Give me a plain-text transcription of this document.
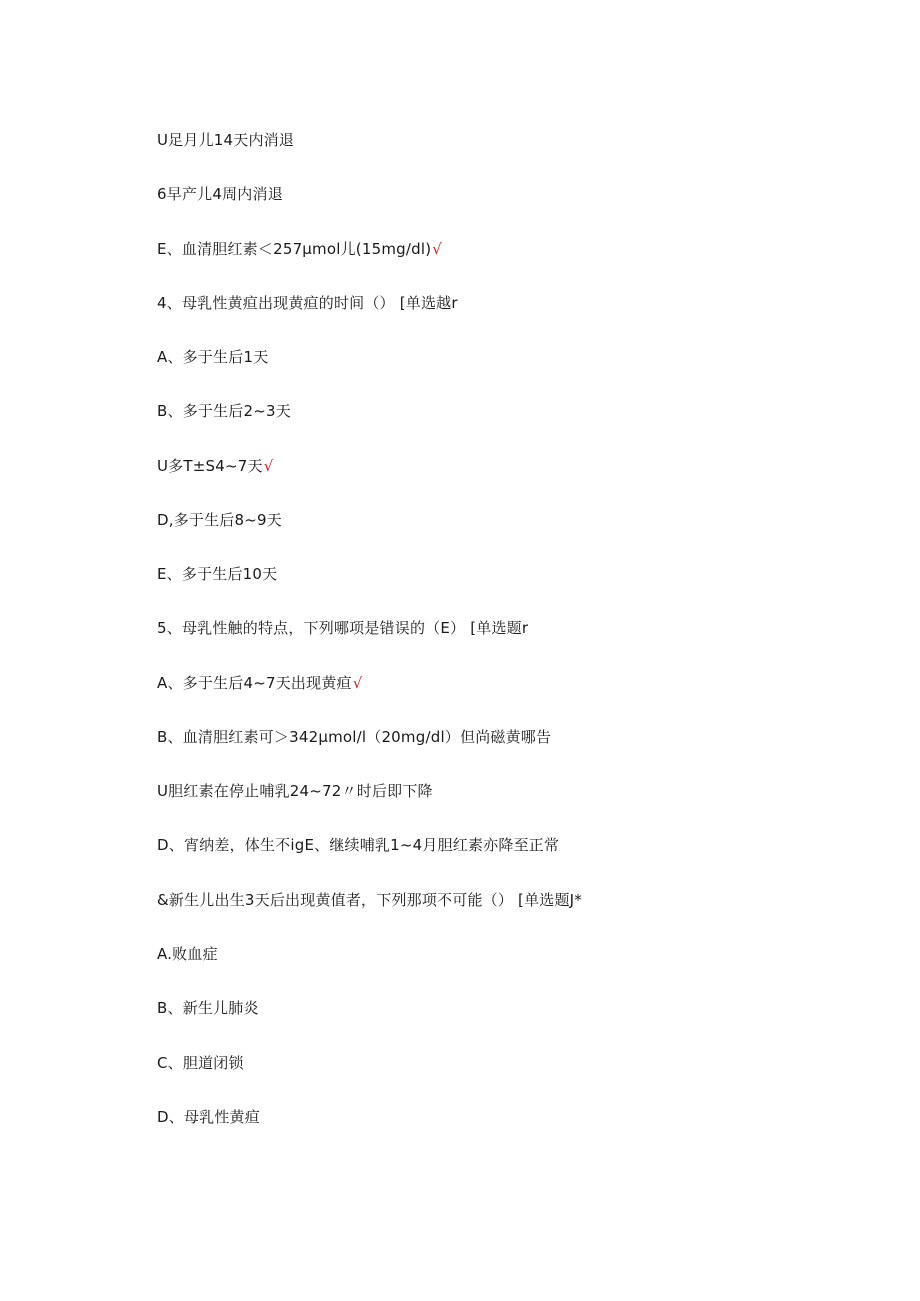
U足月儿14天内消退
6早产儿4周内消退
E、血清胆红素＜257μmol儿(15mg∕dl)√
4、母乳性黄疸出现黄疸的时间（） [单选越r
A、多于生后1天
B、多于生后2~3天
U多T±S4~7天√
D,多于生后8~9天
E、多于生后10天
5、母乳性触的特点，下列哪项是错误的（E） [单选题r
A、多于生后4~7天出现黄疸√
B、血清胆红素可＞342μmol∕l（20mg∕dl）但尚磁黄哪告
U胆红素在停止哺乳24~72〃时后即下降
D、宵纳差，体生不igE、继续哺乳1~4月胆红素亦降至正常
&新生儿出生3天后出现黄值者，下列那项不可能（） [单选题J*
A.败血症
B、新生儿肺炎
C、胆道闭锁
D、母乳性黄疸
